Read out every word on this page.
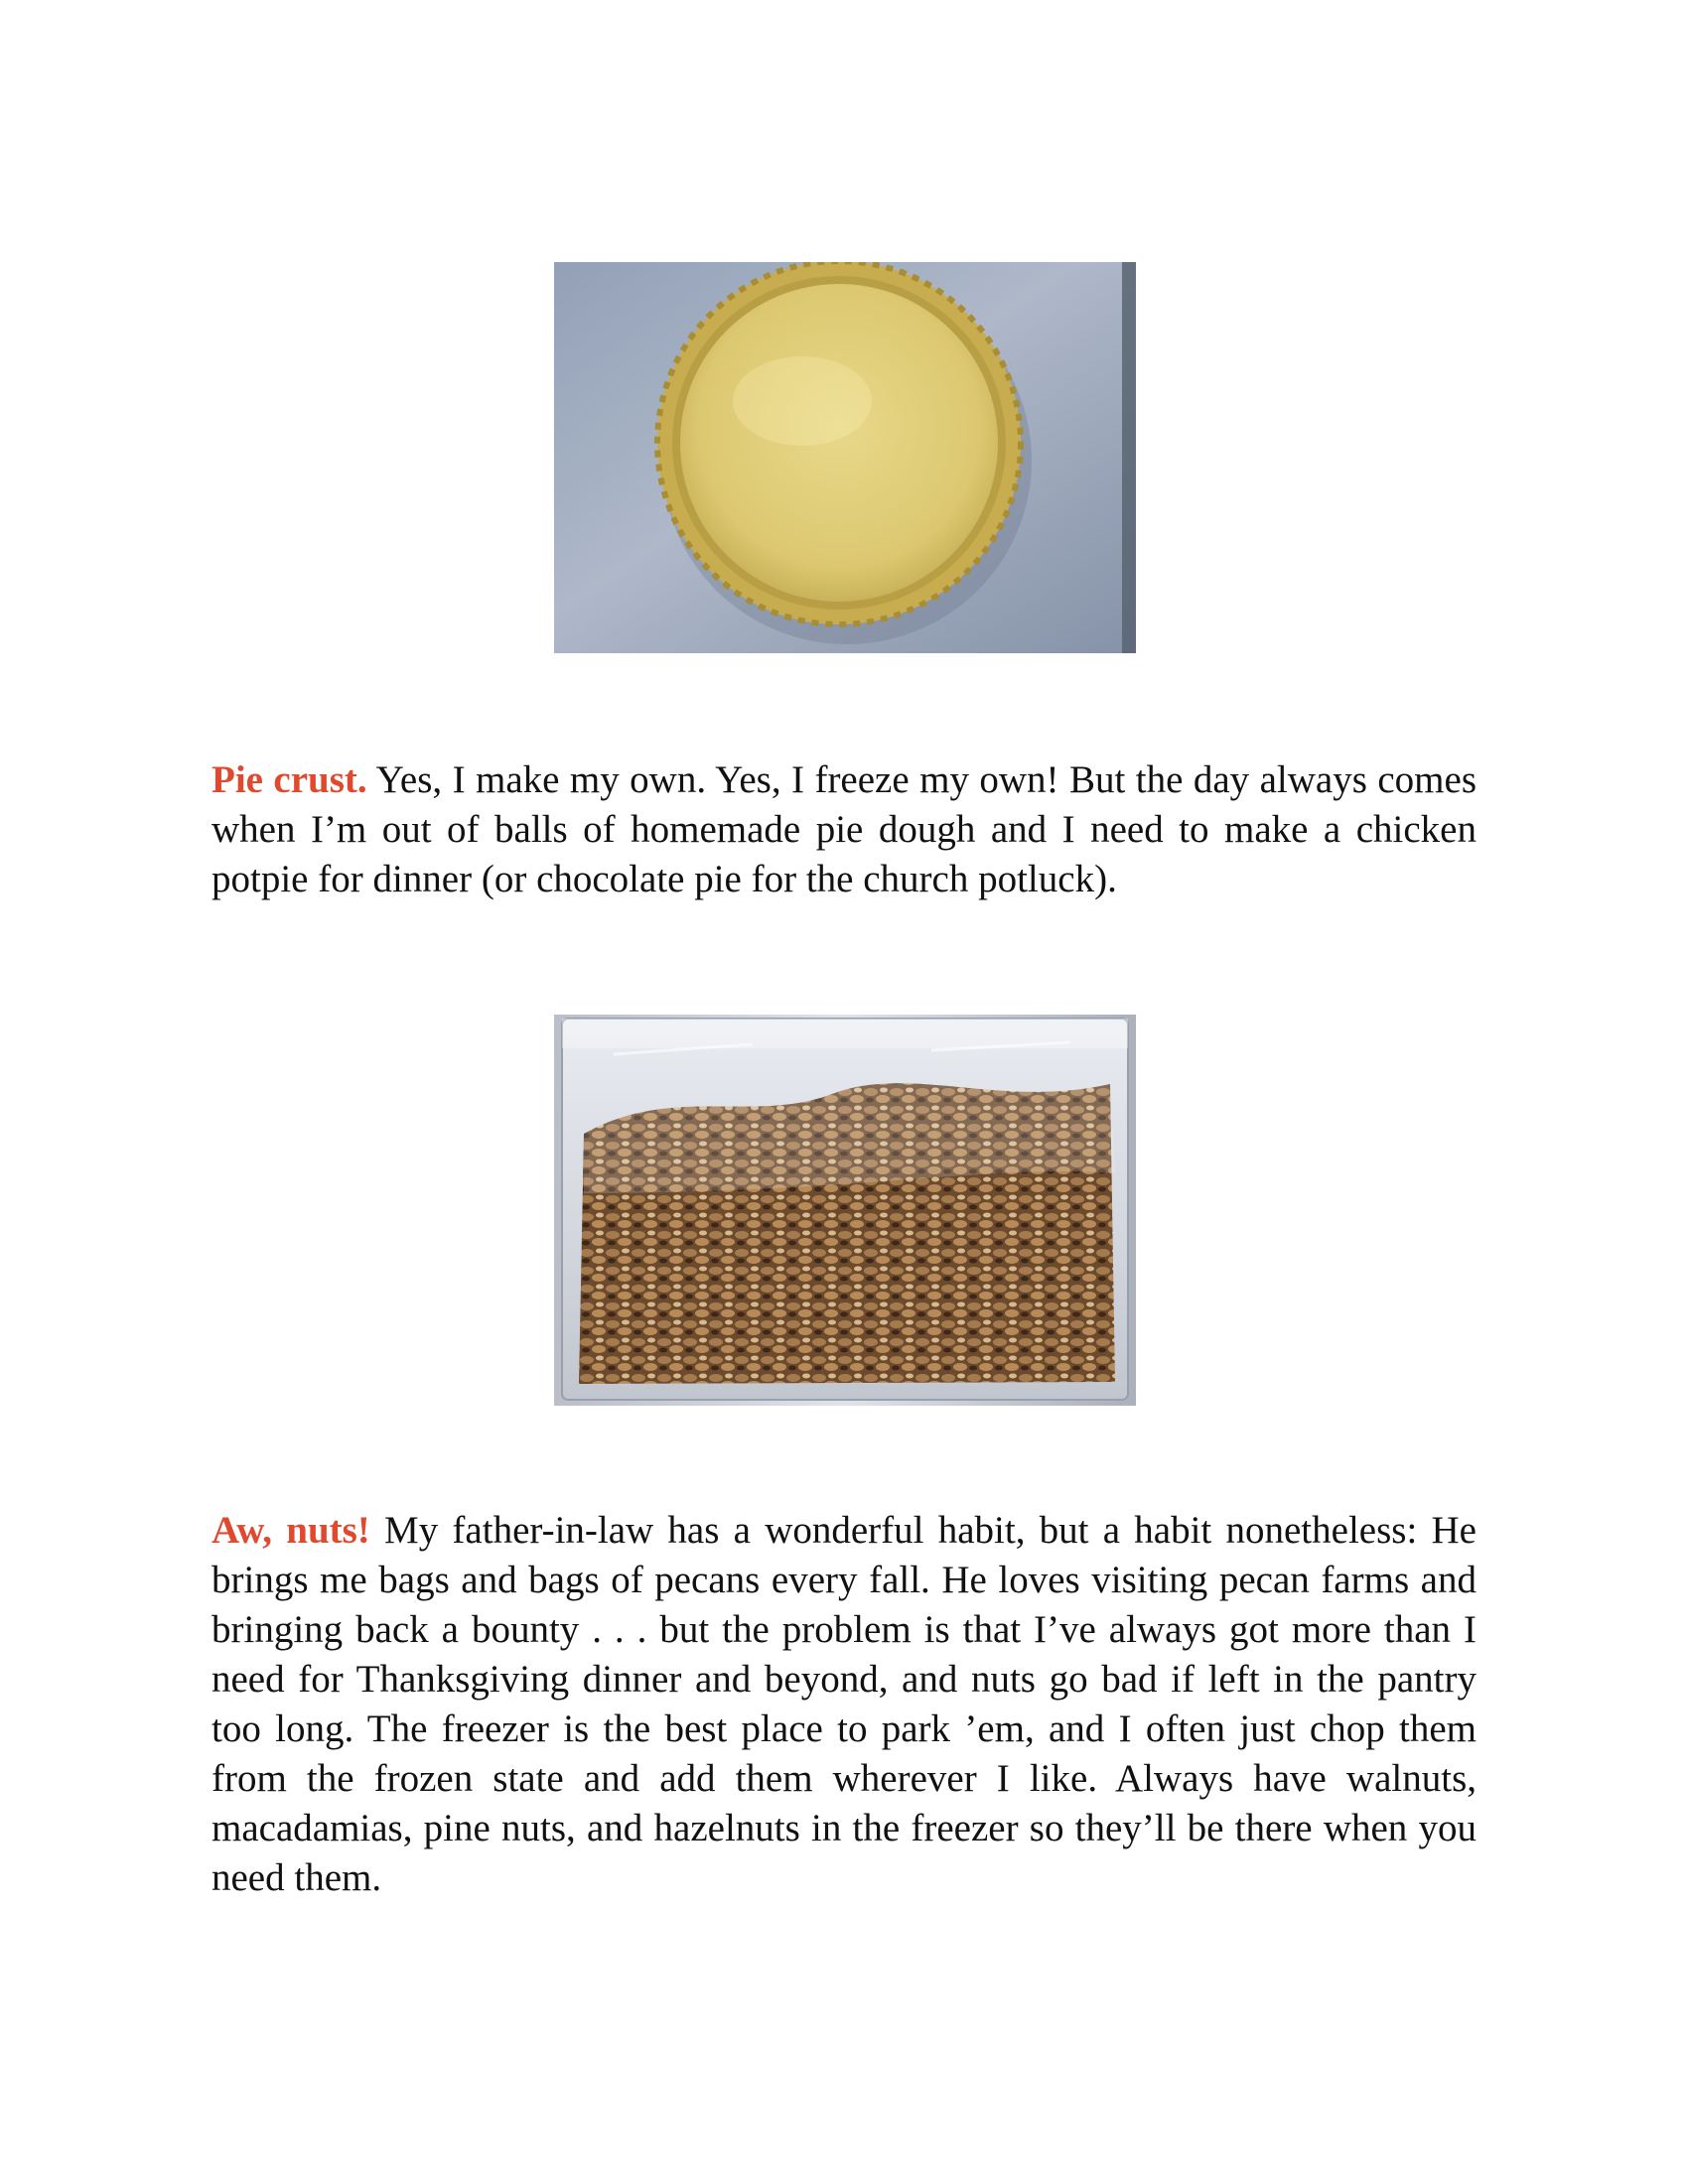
Pie crust. Yes, I make my own. Yes, I freeze my own! But the day always comes when I’m out of balls of homemade pie dough and I need to make a chicken potpie for dinner (or chocolate pie for the church potluck).

Aw, nuts! My father-in-law has a wonderful habit, but a habit nonetheless: He brings me bags and bags of pecans every fall. He loves visiting pecan farms and bringing back a bounty . . . but the problem is that I’ve always got more than I need for Thanksgiving dinner and beyond, and nuts go bad if left in the pantry too long. The freezer is the best place to park ’em, and I often just chop them from the frozen state and add them wherever I like. Always have walnuts, macadamias, pine nuts, and hazelnuts in the freezer so they’ll be there when you need them.
